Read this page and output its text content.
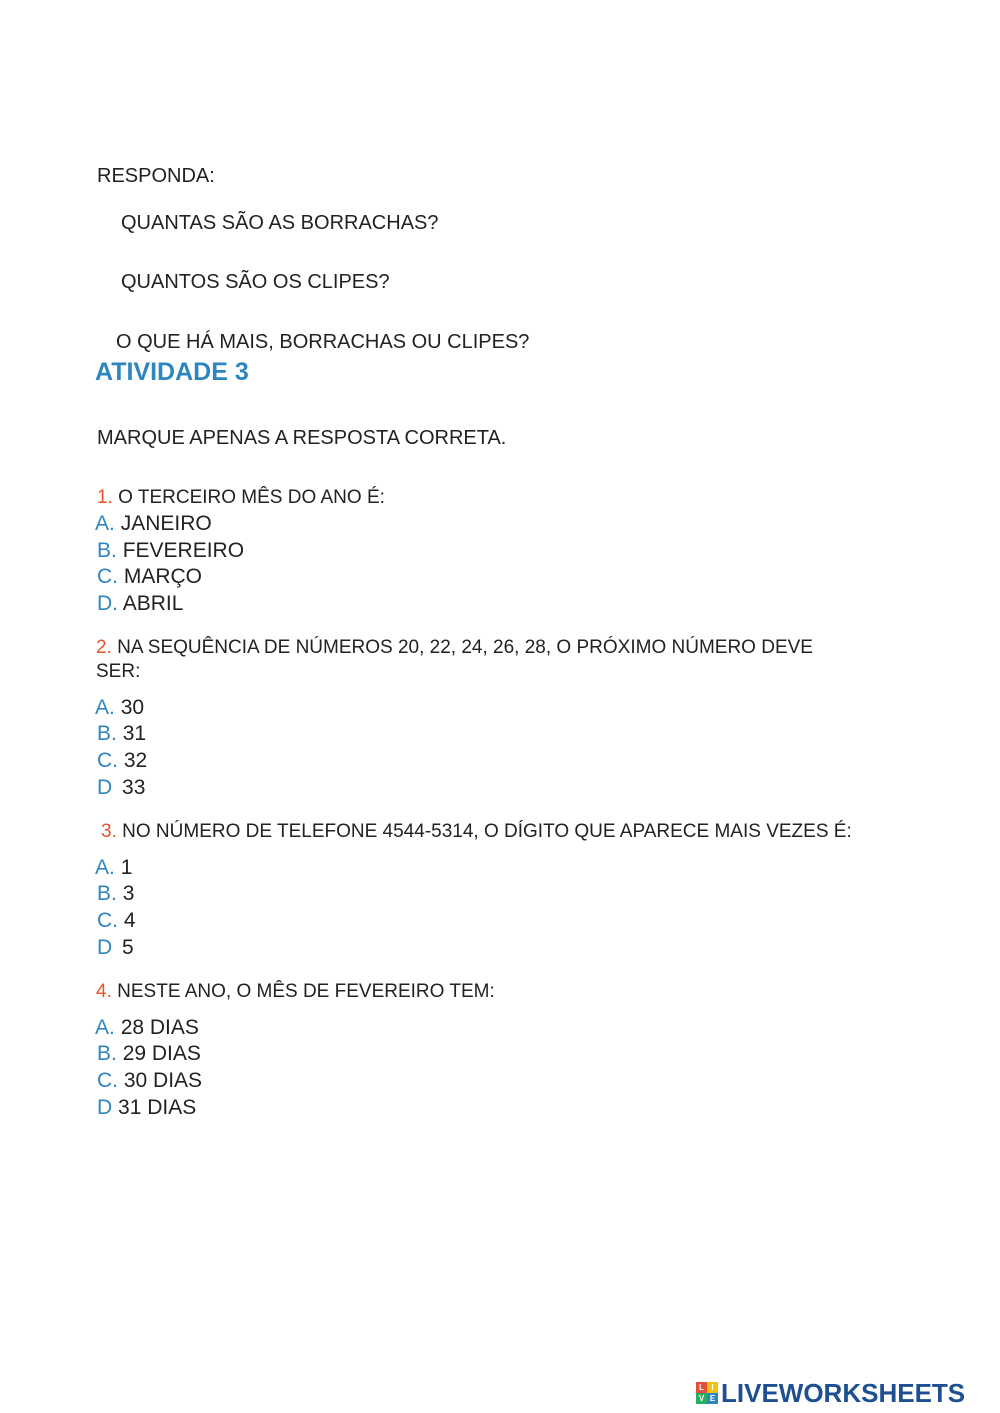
RESPONDA:
QUANTAS SÃO AS BORRACHAS?
QUANTOS SÃO OS CLIPES?
O QUE HÁ MAIS, BORRACHAS OU CLIPES?
ATIVIDADE 3
MARQUE APENAS A RESPOSTA CORRETA.
1. O TERCEIRO MÊS DO ANO É:
A. JANEIRO
B. FEVEREIRO
C. MARÇO
D. ABRIL
2. NA SEQUÊNCIA DE NÚMEROS 20, 22, 24, 26, 28, O PRÓXIMO NÚMERO DEVE
SER:
A. 30
B. 31
C. 32
D 33
3. NO NÚMERO DE TELEFONE 4544-5314, O DÍGITO QUE APARECE MAIS VEZES É:
A. 1
B. 3
C. 4
D 5
4. NESTE ANO, O MÊS DE FEVEREIRO TEM:
A. 28 DIAS
B. 29 DIAS
C. 30 DIAS
D 31 DIAS
L I
V E LIVEWORKSHEETS
